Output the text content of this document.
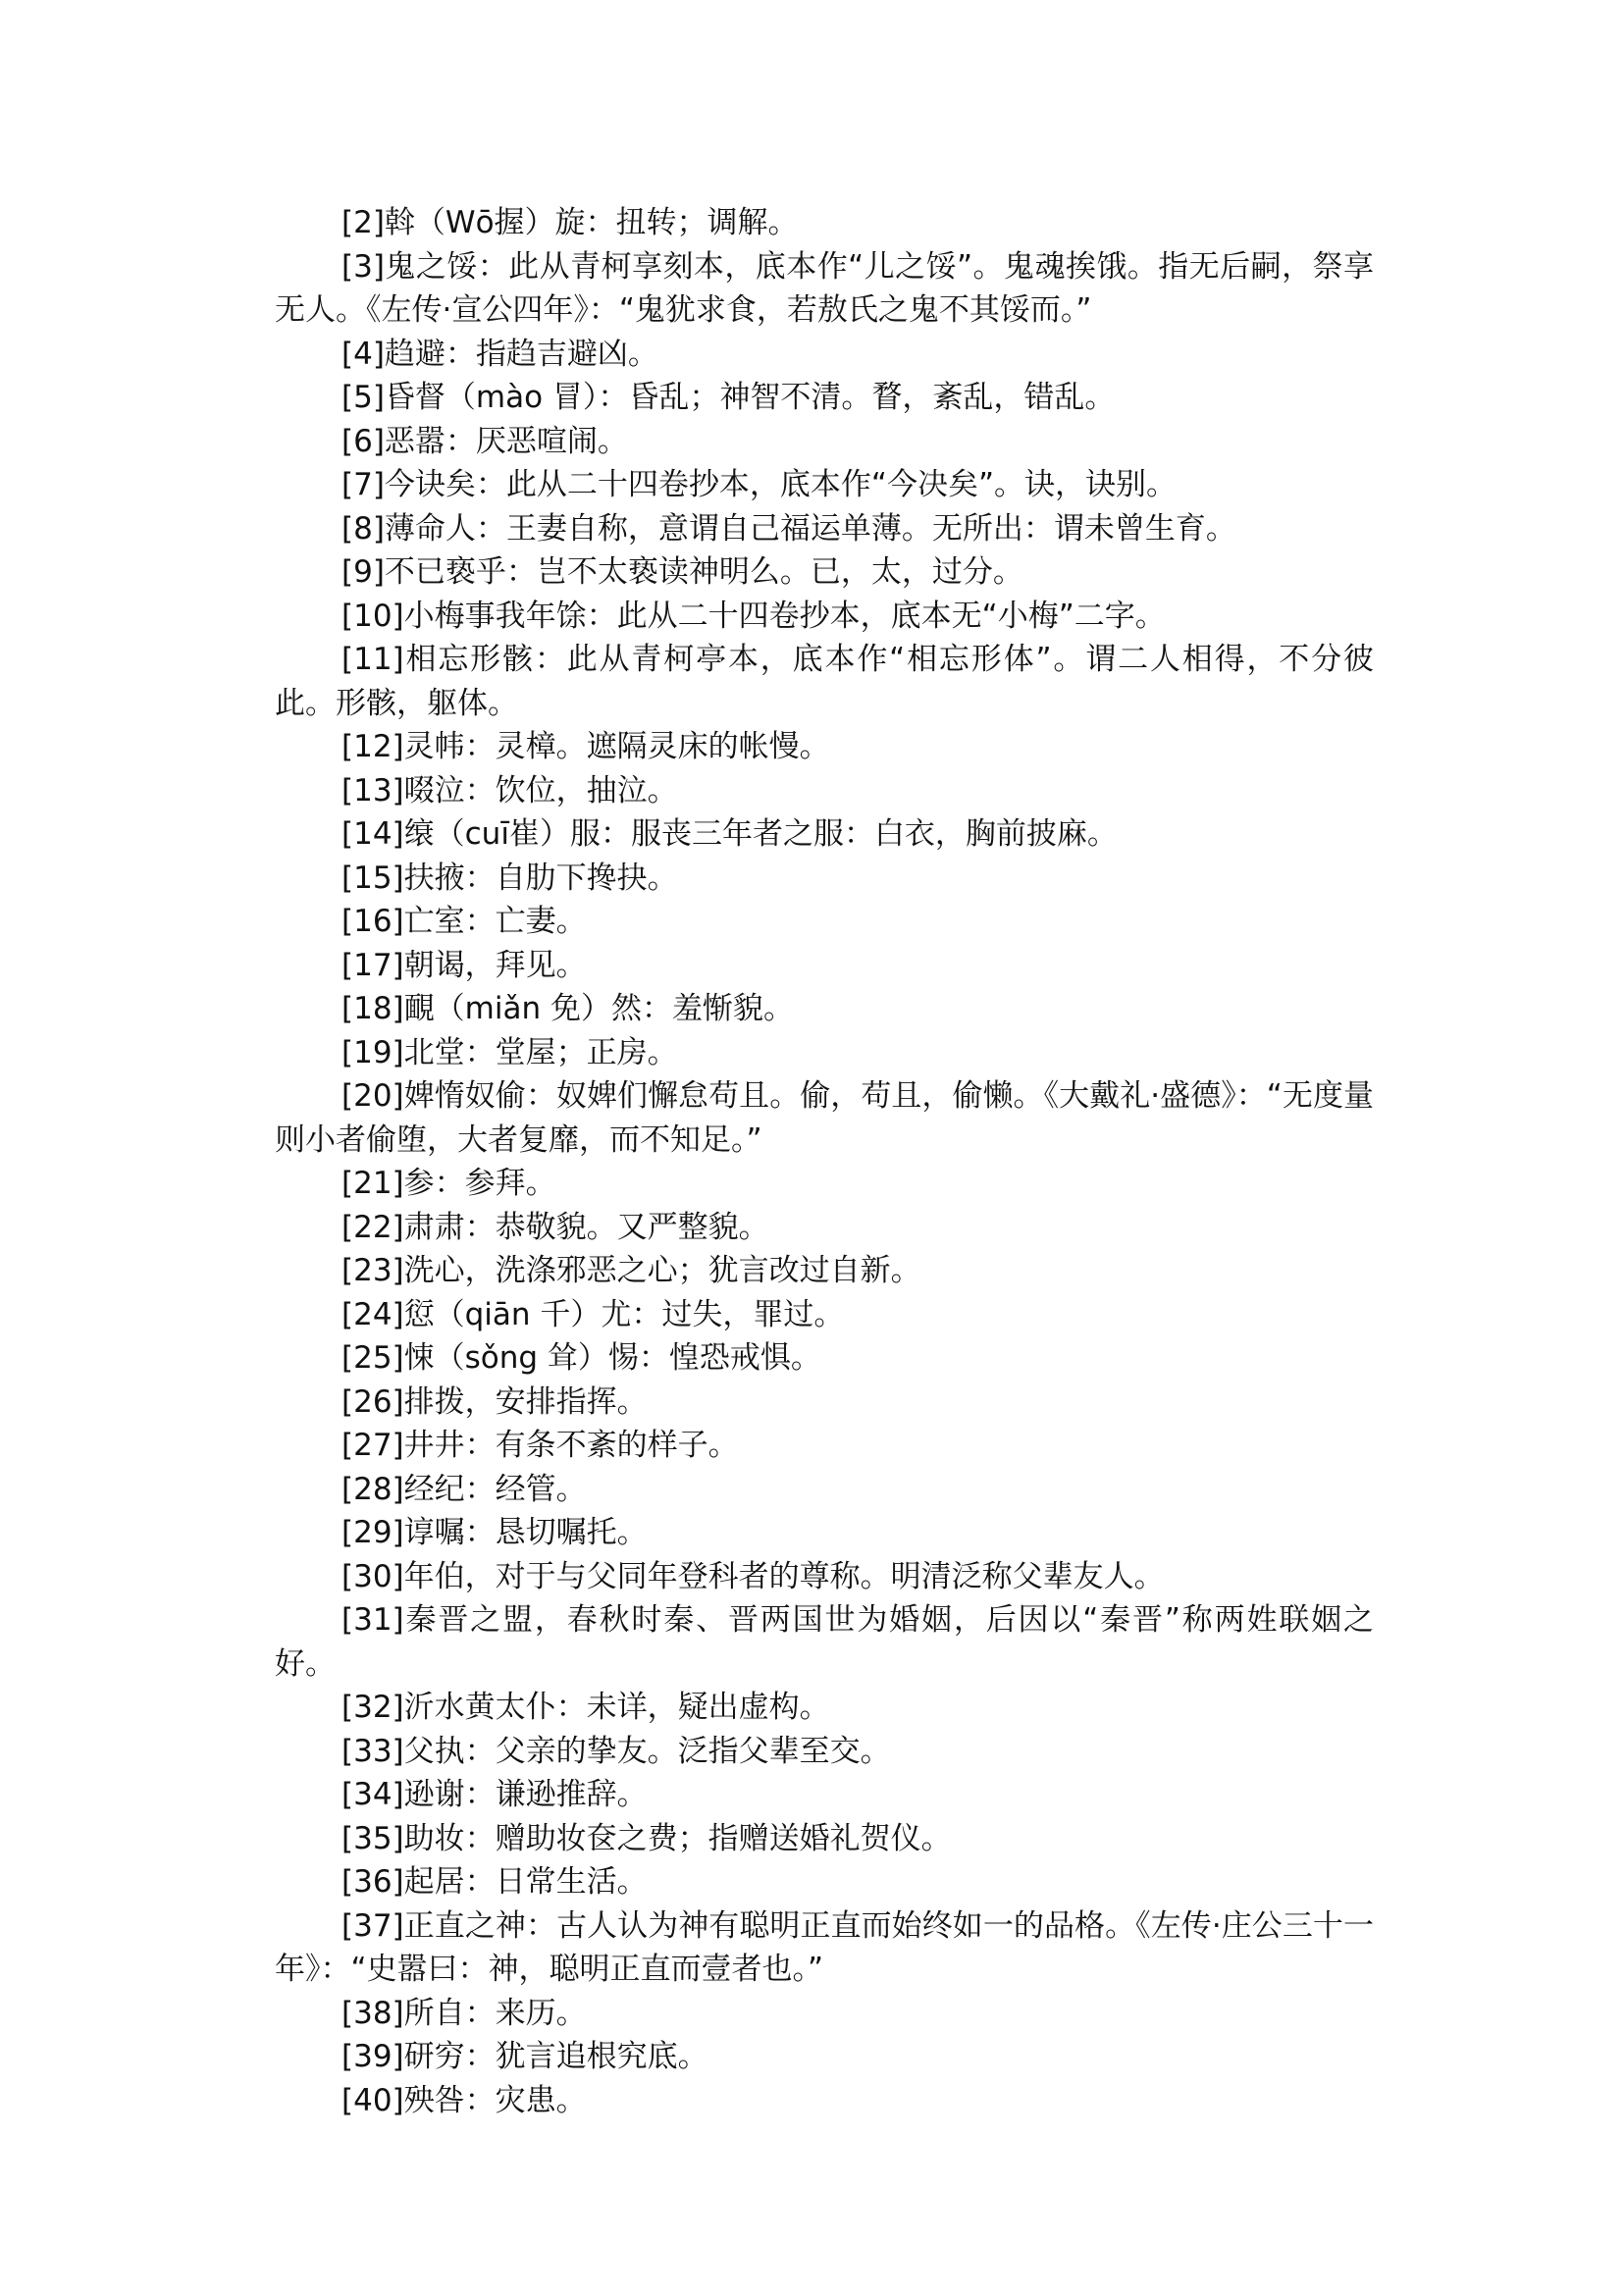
[2]斡（Wō握）旋：扭转；调解。

[3]鬼之馁：此从青柯享刻本，底本作“儿之馁”。鬼魂挨饿。指无后嗣，祭享无人。《左传·宣公四年》：“鬼犹求食，若敖氏之鬼不其馁而。”

[4]趋避：指趋吉避凶。

[5]昏督（mào 冒）：昏乱；神智不清。瞀，紊乱，错乱。

[6]恶嚣：厌恶喧闹。

[7]今诀矣：此从二十四卷抄本，底本作“今决矣”。诀，诀别。

[8]薄命人：王妻自称，意谓自己福运单薄。无所出：谓未曾生育。

[9]不已亵乎：岂不太亵读神明么。已，太，过分。

[10]小梅事我年馀：此从二十四卷抄本，底本无“小梅”二字。

[11]相忘形骸：此从青柯亭本，底本作“相忘形体”。谓二人相得，不分彼此。形骸，躯体。

[12]灵帏：灵樟。遮隔灵床的帐慢。

[13]啜泣：饮位，抽泣。

[14]缞（cuī崔）服：服丧三年者之服：白衣，胸前披麻。

[15]扶掖：自肋下搀抉。

[16]亡室：亡妻。

[17]朝谒，拜见。

[18]靦（miǎn 免）然：羞惭貌。

[19]北堂：堂屋；正房。

[20]婢惰奴偷：奴婢们懈怠苟且。偷，苟且，偷懒。《大戴礼·盛德》：“无度量则小者偷堕，大者复靡，而不知足。”

[21]参：参拜。

[22]肃肃：恭敬貌。又严整貌。

[23]洗心，洗涤邪恶之心；犹言改过自新。

[24]愆（qiān 千）尤：过失，罪过。

[25]悚（sǒng 耸）惕：惶恐戒惧。

[26]排拨，安排指挥。

[27]井井：有条不紊的样子。

[28]经纪：经管。

[29]谆嘱：恳切嘱托。

[30]年伯，对于与父同年登科者的尊称。明清泛称父辈友人。

[31]秦晋之盟，春秋时秦、晋两国世为婚姻，后因以“秦晋”称两姓联姻之好。

[32]沂水黄太仆：未详，疑出虚构。

[33]父执：父亲的挚友。泛指父辈至交。

[34]逊谢：谦逊推辞。

[35]助妆：赠助妆奁之费；指赠送婚礼贺仪。

[36]起居：日常生活。

[37]正直之神：古人认为神有聪明正直而始终如一的品格。《左传·庄公三十一年》：“史嚣曰：神，聪明正直而壹者也。”

[38]所自：来历。

[39]研穷：犹言追根究底。

[40]殃咎：灾患。
